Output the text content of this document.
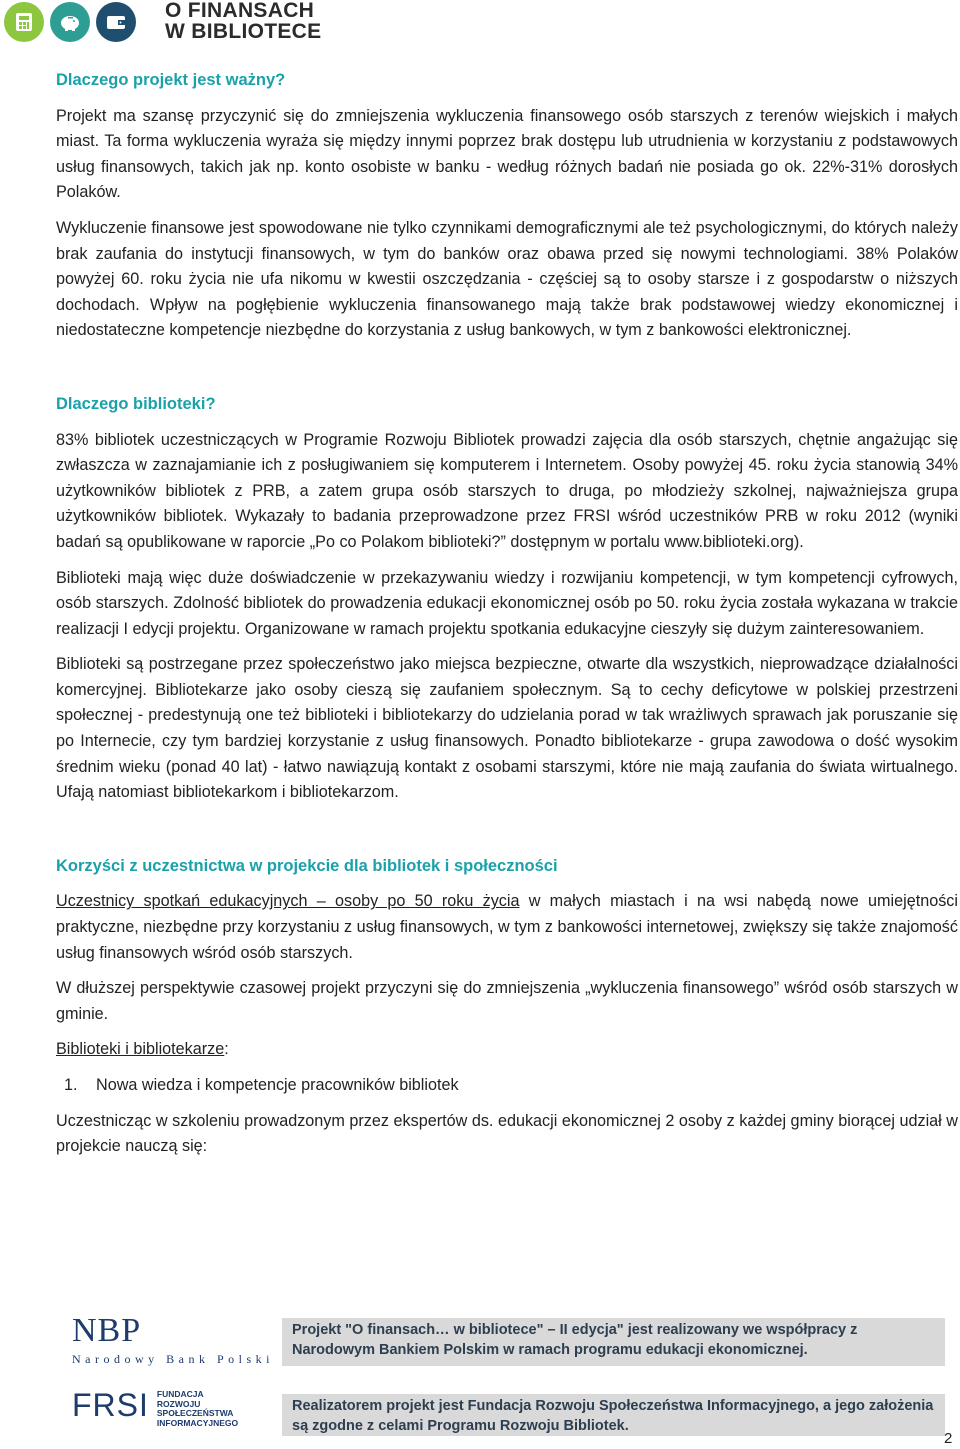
O FINANSACH
W BIBLIOTECE

Dlaczego projekt jest ważny?

Projekt ma szansę przyczynić się do zmniejszenia wykluczenia finansowego osób starszych z terenów wiejskich i małych miast. Ta forma wykluczenia wyraża się między innymi poprzez brak dostępu lub utrudnienia w korzystaniu z podstawowych usług finansowych, takich jak np. konto osobiste w banku - według różnych badań nie posiada go ok. 22%-31% dorosłych Polaków.

Wykluczenie finansowe jest spowodowane nie tylko czynnikami demograficznymi ale też psychologicznymi, do których należy brak zaufania do instytucji finansowych, w tym do banków oraz obawa przed się nowymi technologiami. 38% Polaków powyżej 60. roku życia nie ufa nikomu w kwestii oszczędzania - częściej są to osoby starsze i z gospodarstw o niższych dochodach. Wpływ na pogłębienie wykluczenia finansowanego mają także brak podstawowej wiedzy ekonomicznej i niedostateczne kompetencje niezbędne do korzystania z usług bankowych, w tym z bankowości elektronicznej.

Dlaczego biblioteki?

83% bibliotek uczestniczących w Programie Rozwoju Bibliotek prowadzi zajęcia dla osób starszych, chętnie angażując się zwłaszcza w zaznajamianie ich z posługiwaniem się komputerem i Internetem. Osoby powyżej 45. roku życia stanowią 34% użytkowników bibliotek z PRB, a zatem grupa osób starszych to druga, po młodzieży szkolnej, najważniejsza grupa użytkowników bibliotek. Wykazały to badania przeprowadzone przez FRSI wśród uczestników PRB w roku 2012 (wyniki badań są opublikowane w raporcie „Po co Polakom biblioteki?” dostępnym w portalu www.biblioteki.org).

Biblioteki mają więc duże doświadczenie w przekazywaniu wiedzy i rozwijaniu kompetencji, w tym kompetencji cyfrowych, osób starszych. Zdolność bibliotek do prowadzenia edukacji ekonomicznej osób po 50. roku życia została wykazana w trakcie realizacji I edycji projektu. Organizowane w ramach projektu spotkania edukacyjne cieszyły się dużym zainteresowaniem.

Biblioteki są postrzegane przez społeczeństwo jako miejsca bezpieczne, otwarte dla wszystkich, nieprowadzące działalności komercyjnej. Bibliotekarze jako osoby cieszą się zaufaniem społecznym. Są to cechy deficytowe w polskiej przestrzeni społecznej - predestynują one też biblioteki i bibliotekarzy do udzielania porad w tak wrażliwych sprawach jak poruszanie się po Internecie, czy tym bardziej korzystanie z usług finansowych. Ponadto bibliotekarze - grupa zawodowa o dość wysokim średnim wieku (ponad 40 lat) - łatwo nawiązują kontakt z osobami starszymi, które nie mają zaufania do świata wirtualnego. Ufają natomiast bibliotekarkom i bibliotekarzom.

Korzyści z uczestnictwa w projekcie dla bibliotek i społeczności

Uczestnicy spotkań edukacyjnych – osoby po 50 roku życia w małych miastach i na wsi nabędą nowe umiejętności praktyczne, niezbędne przy korzystaniu z usług finansowych, w tym z bankowości internetowej, zwiększy się także znajomość usług finansowych wśród osób starszych.

W dłuższej perspektywie czasowej projekt przyczyni się do zmniejszenia „wykluczenia finansowego” wśród osób starszych w gminie.

Biblioteki i bibliotekarze:

1.	Nowa wiedza i kompetencje pracowników bibliotek

Uczestnicząc w szkoleniu prowadzonym przez ekspertów ds. edukacji ekonomicznej 2 osoby z każdej gminy biorącej udział w projekcie nauczą się:

NBP
Narodowy Bank Polski
FRSI FUNDACJA
ROZWOJU
SPOŁECZEŃSTWA
INFORMACYJNEGO
Projekt "O finansach… w bibliotece" – II edycja" jest realizowany we współpracy z Narodowym Bankiem Polskim w ramach programu edukacji ekonomicznej.
Realizatorem projekt jest Fundacja Rozwoju Społeczeństwa Informacyjnego, a jego założenia są zgodne z celami Programu Rozwoju Bibliotek.
2
